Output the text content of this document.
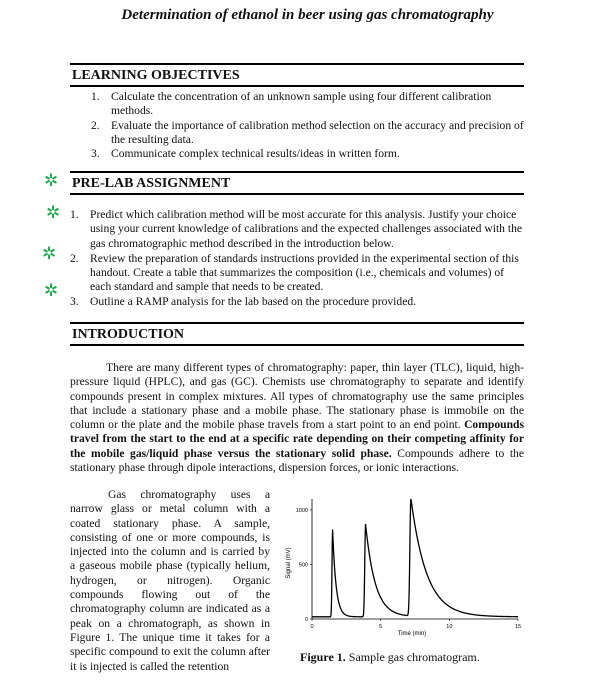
Determination of ethanol in beer using gas chromatography
LEARNING OBJECTIVES
1. Calculate the concentration of an unknown sample using four different calibration methods.
2. Evaluate the importance of calibration method selection on the accuracy and precision of the resulting data.
3. Communicate complex technical results/ideas in written form.
PRE-LAB ASSIGNMENT
1. Predict which calibration method will be most accurate for this analysis. Justify your choice using your current knowledge of calibrations and the expected challenges associated with the gas chromatographic method described in the introduction below.
2. Review the preparation of standards instructions provided in the experimental section of this handout. Create a table that summarizes the composition (i.e., chemicals and volumes) of each standard and sample that needs to be created.
3. Outline a RAMP analysis for the lab based on the procedure provided.
✲
✲
✲
✲
INTRODUCTION

There are many different types of chromatography: paper, thin layer (TLC), liquid, high-pressure liquid (HPLC), and gas (GC). Chemists use chromatography to separate and identify compounds present in complex mixtures. All types of chromatography use the same principles that include a stationary phase and a mobile phase. The stationary phase is immobile on the column or the plate and the mobile phase travels from a start point to an end point. Compounds travel from the start to the end at a specific rate depending on their competing affinity for the mobile gas/liquid phase versus the stationary solid phase. Compounds adhere to the stationary phase through dipole interactions, dispersion forces, or ionic interactions.

Gas chromatography uses a narrow glass or metal column with a coated stationary phase. A sample, consisting of one or more compounds, is injected into the column and is carried by a gaseous mobile phase (typically helium, hydrogen, or nitrogen). Organic compounds flowing out of the chromatography column are indicated as a peak on a chromatograph, as shown in Figure 1. The unique time it takes for a specific compound to exit the column after it is injected is called the retention

0	5	10	15
0
500
1000
Time (min)
Signal (mV)
Figure 1. Sample gas chromatogram.
